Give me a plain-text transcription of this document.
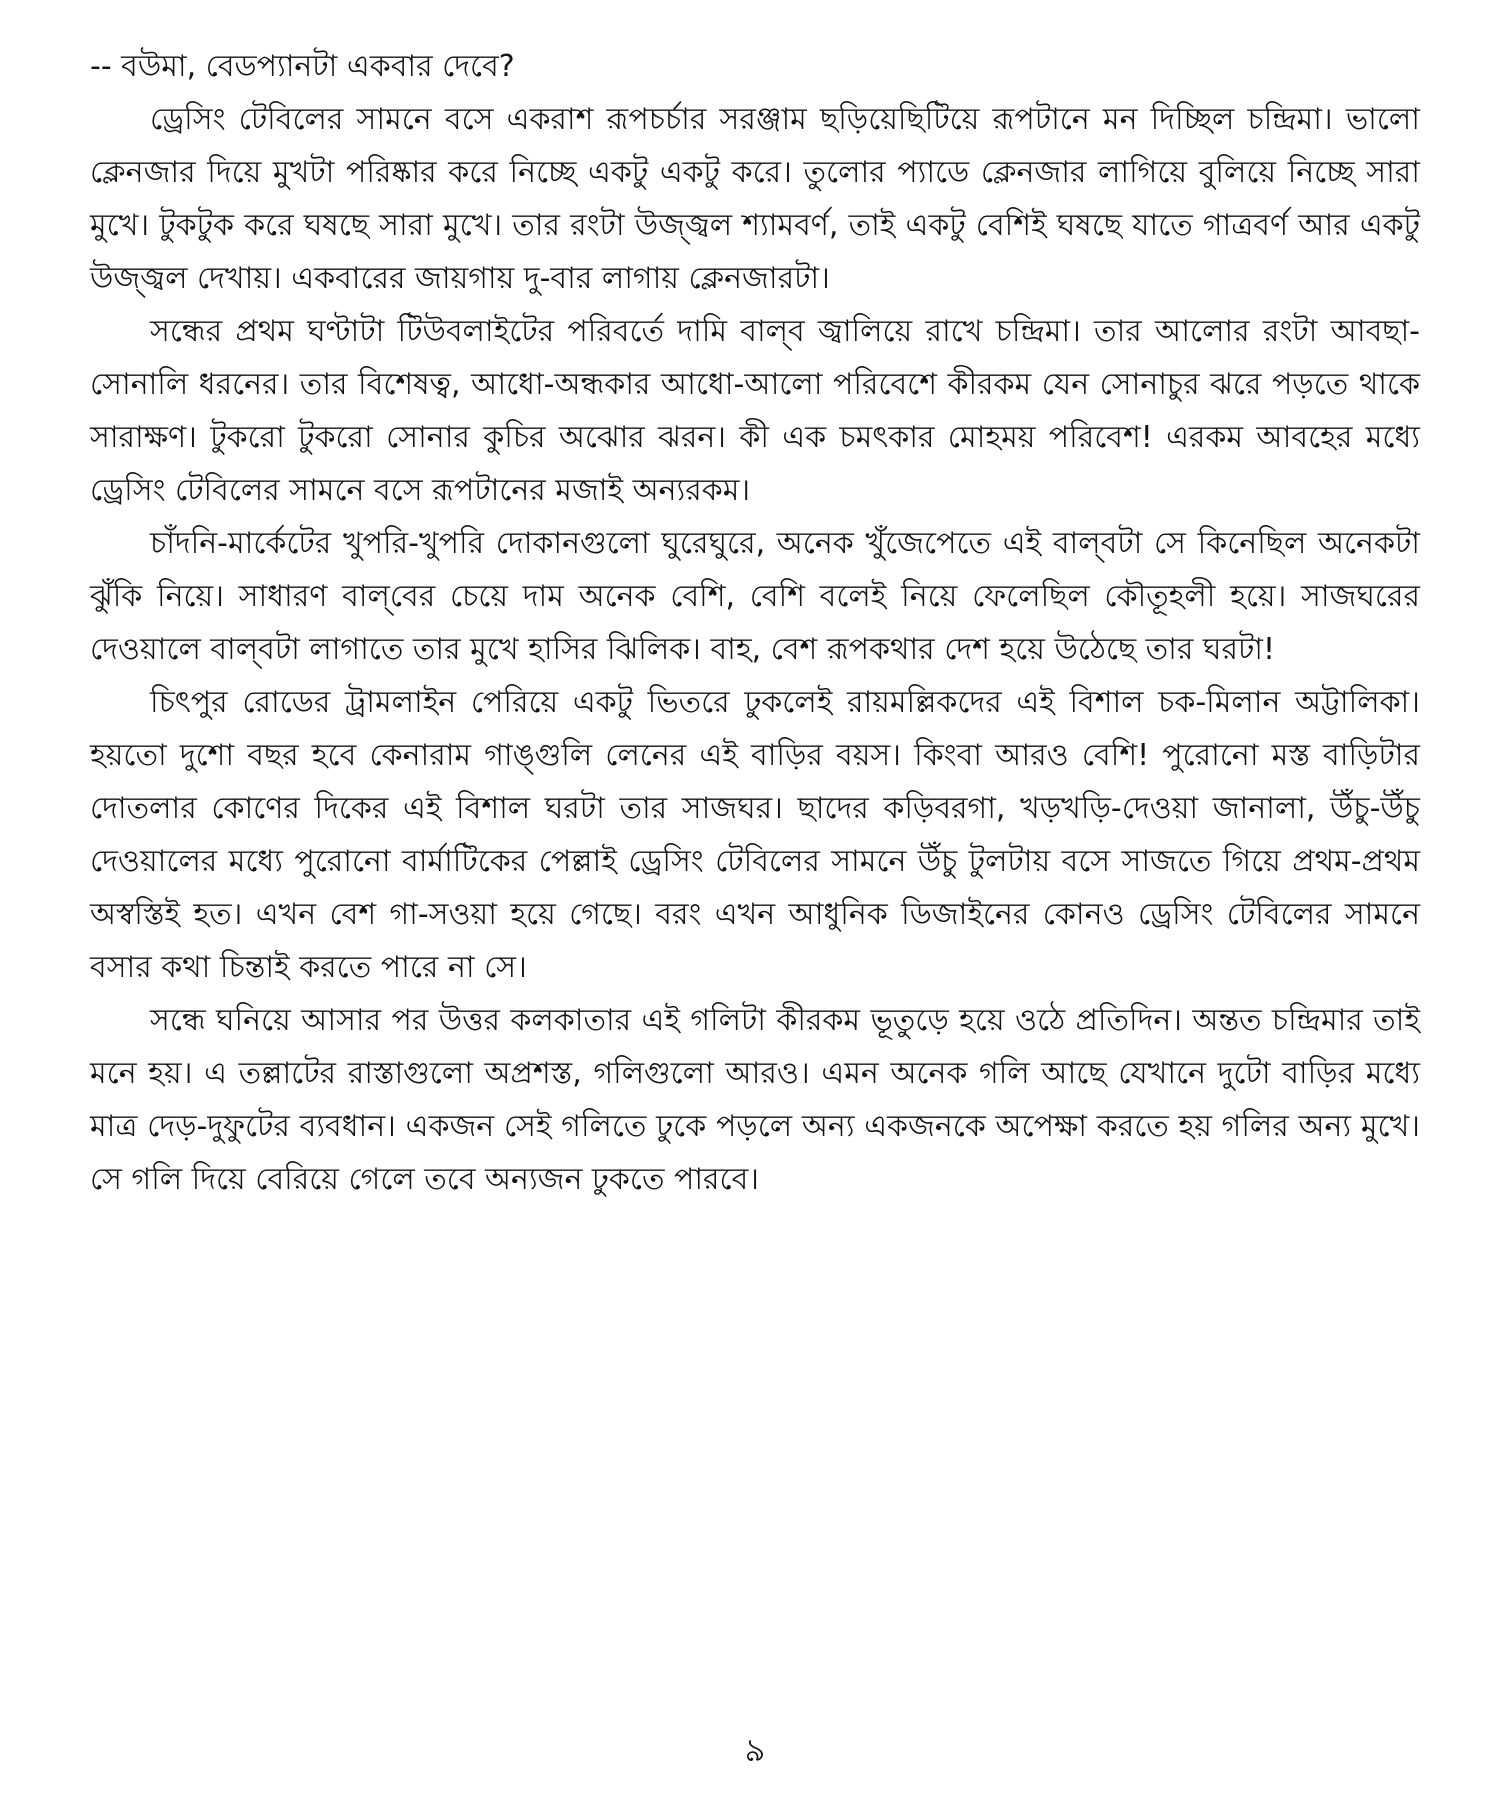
-- বউমা, বেডপ্যানটা একবার দেবে?

ড্রেসিং টেবিলের সামনে বসে একরাশ রূপচর্চার সরঞ্জাম ছড়িয়েছিটিয়ে রূপটানে মন দিচ্ছিল চন্দ্রিমা। ভালো ক্লেনজার দিয়ে মুখটা পরিষ্কার করে নিচ্ছে একটু একটু করে। তুলোর প্যাডে ক্লেনজার লাগিয়ে বুলিয়ে নিচ্ছে সারা মুখে। টুকটুক করে ঘষছে সারা মুখে। তার রংটা উজ্জ্বল শ্যামবর্ণ, তাই একটু বেশিই ঘষছে যাতে গাত্রবর্ণ আর একটু উজ্জ্বল দেখায়। একবারের জায়গায় দু-বার লাগায় ক্লেনজারটা।

সন্ধের প্রথম ঘণ্টাটা টিউবলাইটের পরিবর্তে দামি বাল্‌ব জ্বালিয়ে রাখে চন্দ্রিমা। তার আলোর রংটা আবছা-সোনালি ধরনের। তার বিশেষত্ব, আধো-অন্ধকার আধো-আলো পরিবেশে কীরকম যেন সোনাচুর ঝরে পড়তে থাকে সারাক্ষণ। টুকরো টুকরো সোনার কুচির অঝোর ঝরন। কী এক চমৎকার মোহময় পরিবেশ! এরকম আবহের মধ্যে ড্রেসিং টেবিলের সামনে বসে রূপটানের মজাই অন্যরকম।

চাঁদনি-মার্কেটের খুপরি-খুপরি দোকানগুলো ঘুরেঘুরে, অনেক খুঁজেপেতে এই বাল্‌বটা সে কিনেছিল অনেকটা ঝুঁকি নিয়ে। সাধারণ বাল্‌বের চেয়ে দাম অনেক বেশি, বেশি বলেই নিয়ে ফেলেছিল কৌতূহলী হয়ে। সাজঘরের দেওয়ালে বাল্‌বটা লাগাতে তার মুখে হাসির ঝিলিক। বাহ, বেশ রূপকথার দেশ হয়ে উঠেছে তার ঘরটা!

চিৎপুর রোডের ট্রামলাইন পেরিয়ে একটু ভিতরে ঢুকলেই রায়মল্লিকদের এই বিশাল চক-মিলান অট্টালিকা। হয়তো দুশো বছর হবে কেনারাম গাঙ্গুলি লেনের এই বাড়ির বয়স। কিংবা আরও বেশি! পুরোনো মস্ত বাড়িটার দোতলার কোণের দিকের এই বিশাল ঘরটা তার সাজঘর। ছাদের কড়িবরগা, খড়খড়ি-দেওয়া জানালা, উঁচু-উঁচু দেওয়ালের মধ্যে পুরোনো বার্মাটিকের পেল্লাই ড্রেসিং টেবিলের সামনে উঁচু টুলটায় বসে সাজতে গিয়ে প্রথম-প্রথম অস্বস্তিই হত। এখন বেশ গা-সওয়া হয়ে গেছে। বরং এখন আধুনিক ডিজাইনের কোনও ড্রেসিং টেবিলের সামনে বসার কথা চিন্তাই করতে পারে না সে।

সন্ধে ঘনিয়ে আসার পর উত্তর কলকাতার এই গলিটা কীরকম ভূতুড়ে হয়ে ওঠে প্রতিদিন। অন্তত চন্দ্রিমার তাই মনে হয়। এ তল্লাটের রাস্তাগুলো অপ্রশস্ত, গলিগুলো আরও। এমন অনেক গলি আছে যেখানে দুটো বাড়ির মধ্যে মাত্র দেড়-দুফুটের ব্যবধান। একজন সেই গলিতে ঢুকে পড়লে অন্য একজনকে অপেক্ষা করতে হয় গলির অন্য মুখে। সে গলি দিয়ে বেরিয়ে গেলে তবে অন্যজন ঢুকতে পারবে।

৯
